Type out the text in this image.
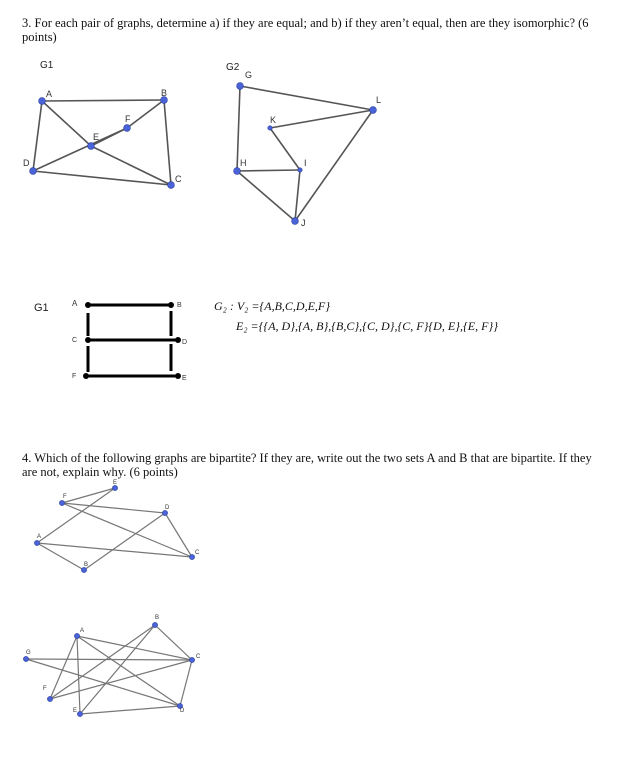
3. For each pair of graphs, determine a) if they are equal; and b) if they aren’t equal, then are they isomorphic? (6 points)
G1	G2
A	B
C
D
E
F
G
H	I
J
K
L
A	B
C	D
F	E
E
F
D
A
C
B
A
B
C
G
F
E	D
G1	G₂ : V₂ ={A,B,C,D,E,F}
E₂ ={{A, D},{A, B},{B,C},{C, D},{C, F}{D, E},{E, F}}
4. Which of the following graphs are bipartite? If they are, write out the two sets A and B that are bipartite. If they are not, explain why. (6 points)
